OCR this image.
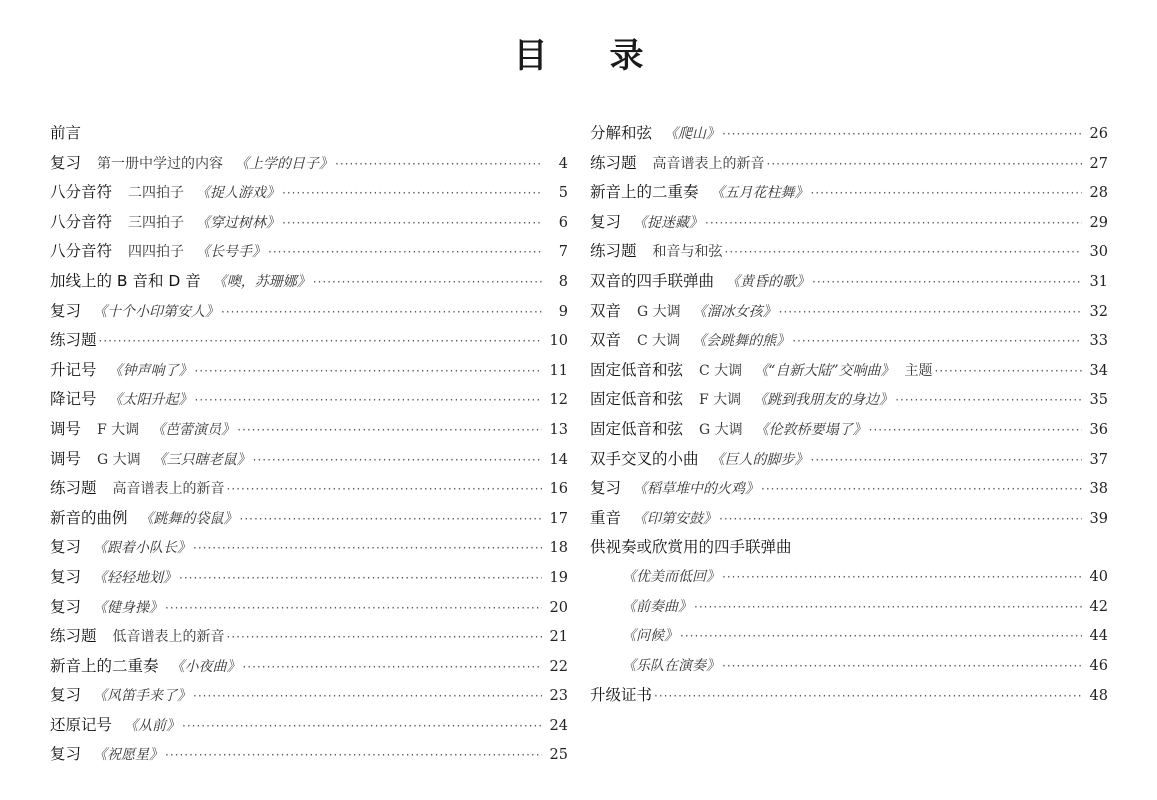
目 录
前言
复习 第一册中学过的内容 《上学的日子》 ·····	4
八分音符 二四拍子 《捉人游戏》 ·····	5
八分音符 三四拍子 《穿过树林》 ·····	6
八分音符 四四拍子 《长号手》 ·····	7
加线上的 B 音和 D 音 《噢，苏珊娜》 ·····	8
复习 《十个小印第安人》 ·····	9
练习题 ·····	10
升记号 《钟声响了》 ·····	11
降记号 《太阳升起》 ·····	12
调号 F 大调 《芭蕾演员》 ·····	13
调号 G 大调 《三只瞎老鼠》 ·····	14
练习题 高音谱表上的新音 ·····	16
新音的曲例 《跳舞的袋鼠》 ·····	17
复习 《跟着小队长》 ·····	18
复习 《轻轻地划》 ·····	19
复习 《健身操》 ·····	20
练习题 低音谱表上的新音 ·····	21
新音上的二重奏 《小夜曲》 ·····	22
复习 《风笛手来了》 ·····	23
还原记号 《从前》 ·····	24
复习 《祝愿星》 ·····	25
分解和弦 《爬山》 ·····	26
练习题 高音谱表上的新音 ·····	27
新音上的二重奏 《五月花柱舞》 ·····	28
复习 《捉迷藏》 ·····	29
练习题 和音与和弦 ·····	30
双音的四手联弹曲 《黄昏的歌》 ·····	31
双音 G 大调 《溜冰女孩》 ·····	32
双音 C 大调 《会跳舞的熊》 ·····	33
固定低音和弦 C 大调 《“自新大陆”交响曲》 主题 ·····	34
固定低音和弦 F 大调 《跳到我朋友的身边》 ·····	35
固定低音和弦 G 大调 《伦敦桥要塌了》 ·····	36
双手交叉的小曲 《巨人的脚步》 ·····	37
复习 《稻草堆中的火鸡》 ·····	38
重音 《印第安鼓》 ·····	39
供视奏或欣赏用的四手联弹曲
《优美而低回》 ·····	40
《前奏曲》 ·····	42
《问候》 ·····	44
《乐队在演奏》 ·····	46
升级证书 ·····	48
